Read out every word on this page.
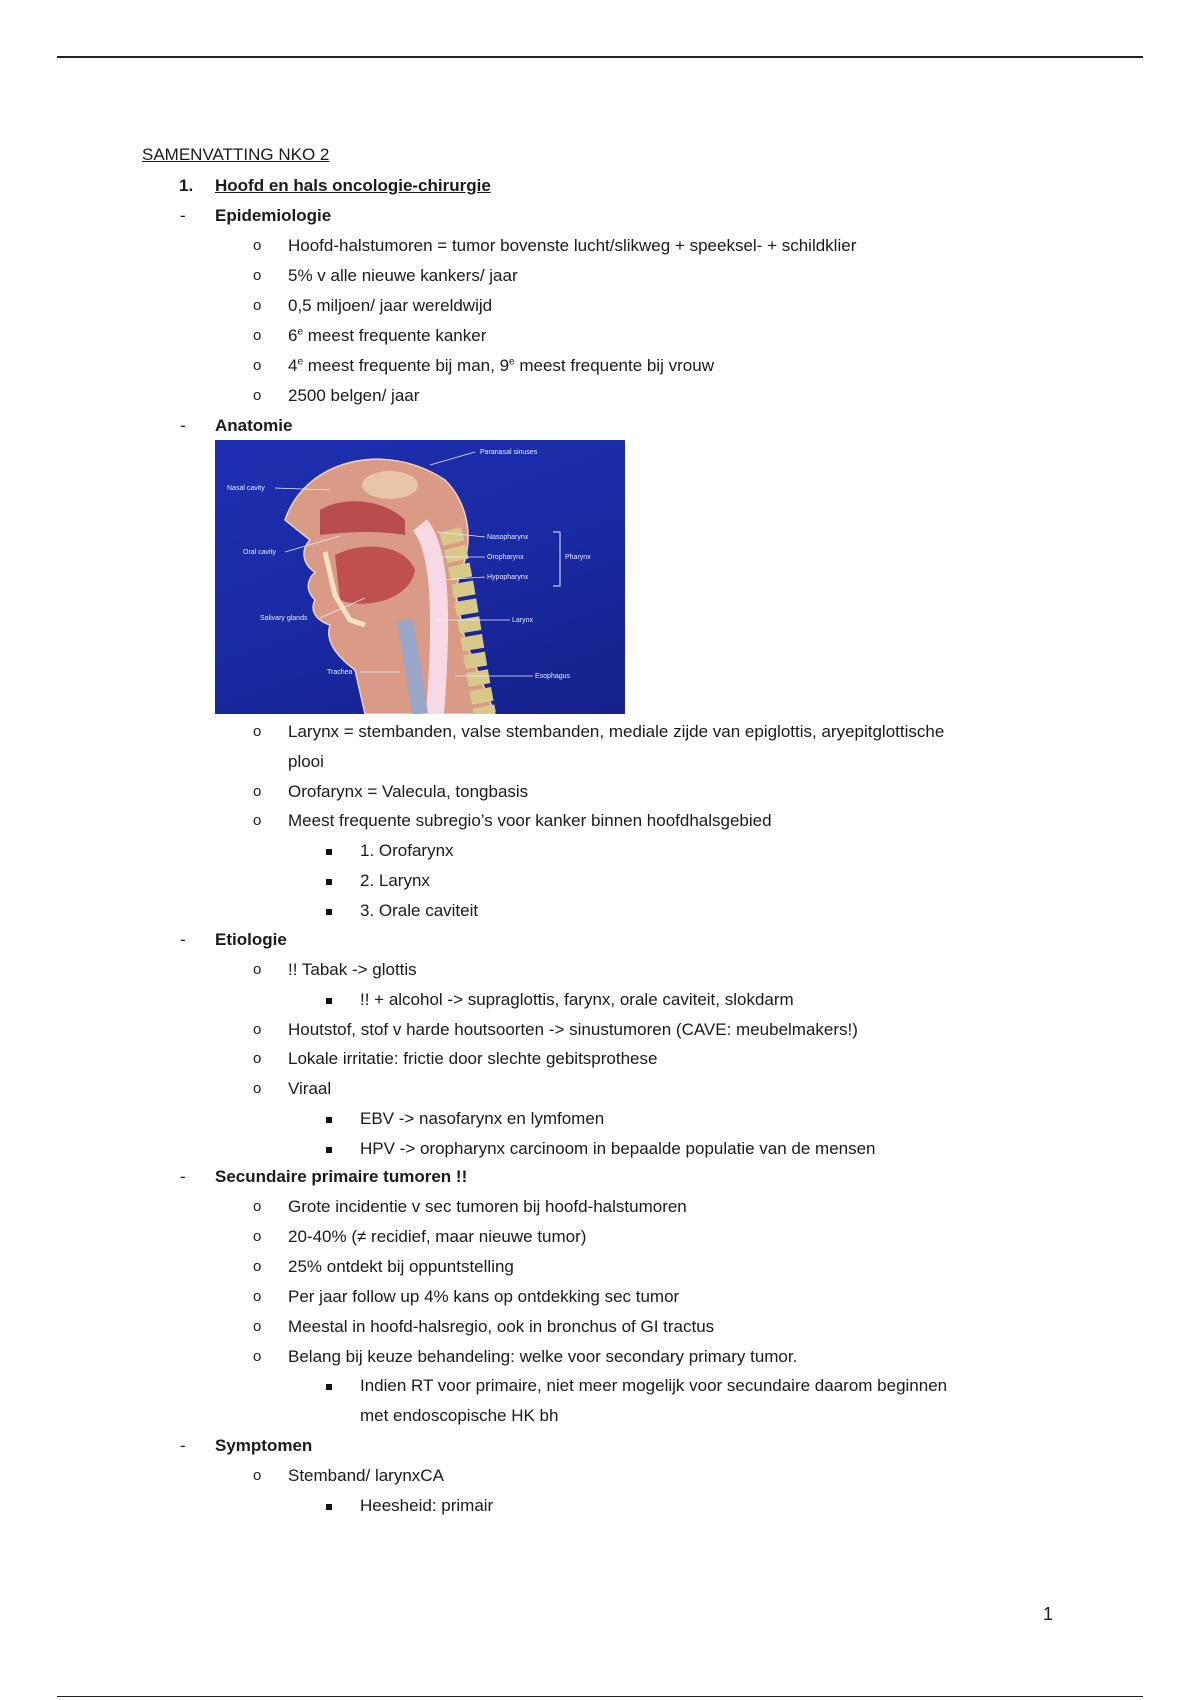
SAMENVATTING NKO 2
1. Hoofd en hals oncologie-chirurgie
- Epidemiologie
o Hoofd-halstumoren = tumor bovenste lucht/slikweg + speeksel- + schildklier
o 5% v alle nieuwe kankers/ jaar
o 0,5 miljoen/ jaar wereldwijd
o 6e meest frequente kanker
o 4e meest frequente bij man, 9e meest frequente bij vrouw
o 2500 belgen/ jaar
- Anatomie
Paranasal sinuses
Nasal cavity
Oral cavity
Salivary glands
Trachea
Nasopharynx
Oropharynx
Hypopharynx
Pharynx
Larynx
Esophagus
o Larynx = stembanden, valse stembanden, mediale zijde van epiglottis, aryepitglottische
plooi
o Orofarynx = Valecula, tongbasis
o Meest frequente subregio’s voor kanker binnen hoofdhalsgebied
1. Orofarynx
2. Larynx
3. Orale caviteit
- Etiologie
o !! Tabak -> glottis
!! + alcohol -> supraglottis, farynx, orale caviteit, slokdarm
o Houtstof, stof v harde houtsoorten -> sinustumoren (CAVE: meubelmakers!)
o Lokale irritatie: frictie door slechte gebitsprothese
o Viraal
EBV -> nasofarynx en lymfomen
HPV -> oropharynx carcinoom in bepaalde populatie van de mensen
- Secundaire primaire tumoren !!
o Grote incidentie v sec tumoren bij hoofd-halstumoren
o 20-40% (≠ recidief, maar nieuwe tumor)
o 25% ontdekt bij oppuntstelling
o Per jaar follow up 4% kans op ontdekking sec tumor
o Meestal in hoofd-halsregio, ook in bronchus of GI tractus
o Belang bij keuze behandeling: welke voor secondary primary tumor.
Indien RT voor primaire, niet meer mogelijk voor secundaire daarom beginnen
met endoscopische HK bh
- Symptomen
o Stemband/ larynxCA
Heesheid: primair
1
